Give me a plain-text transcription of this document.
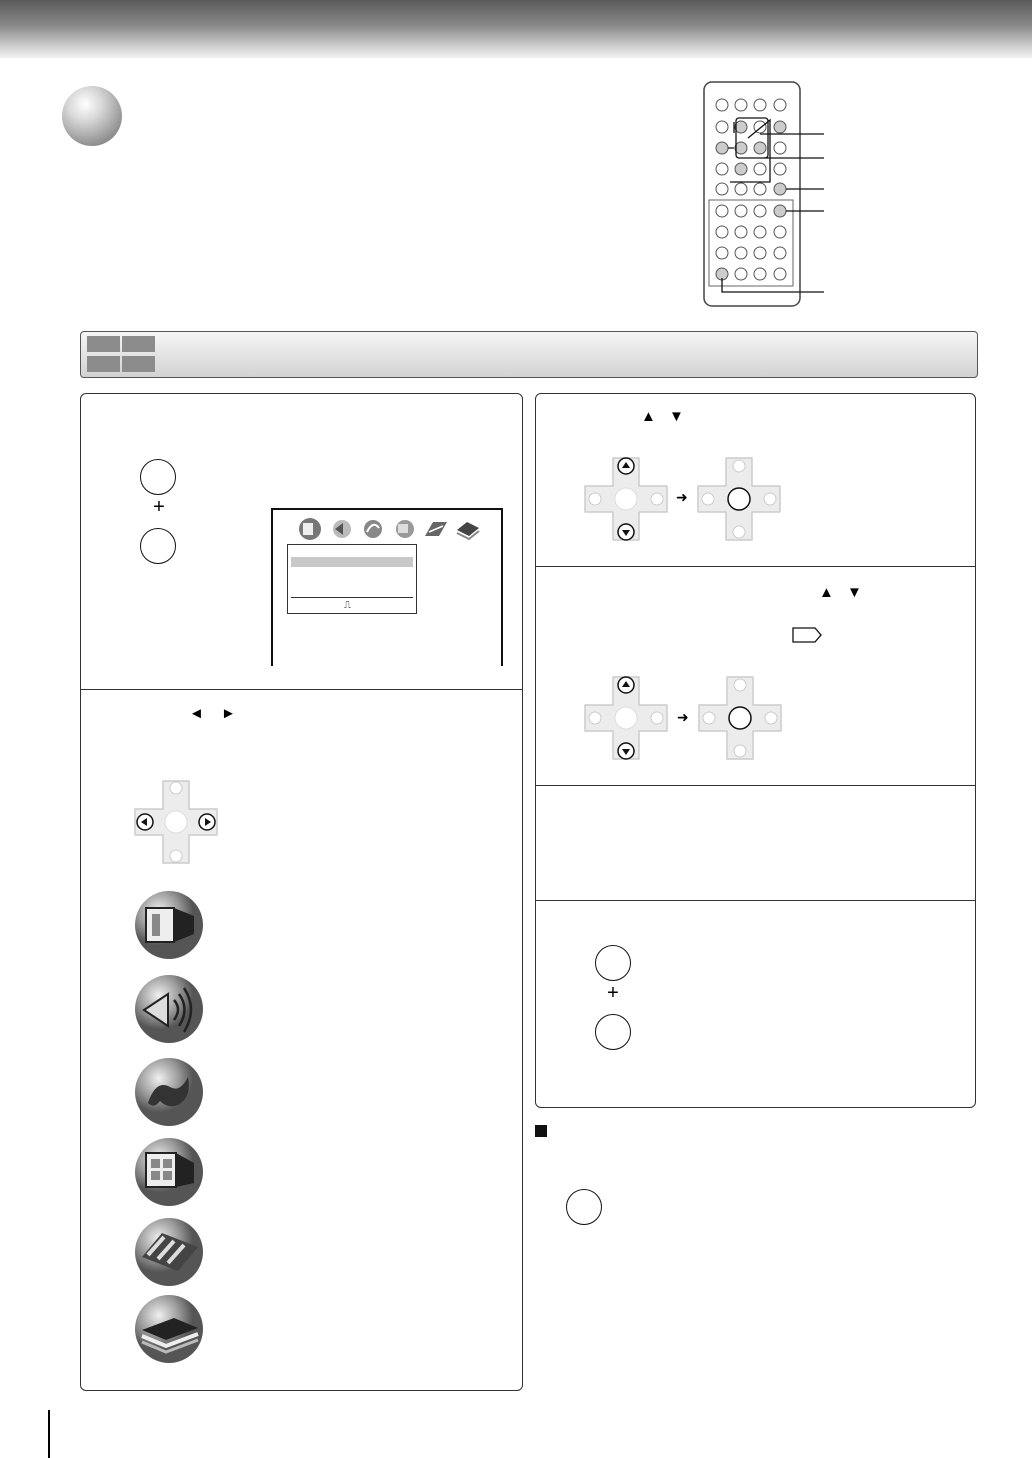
+
⎍
◄ ►
▲ ▼
➜
▲ ▼
➜
+
